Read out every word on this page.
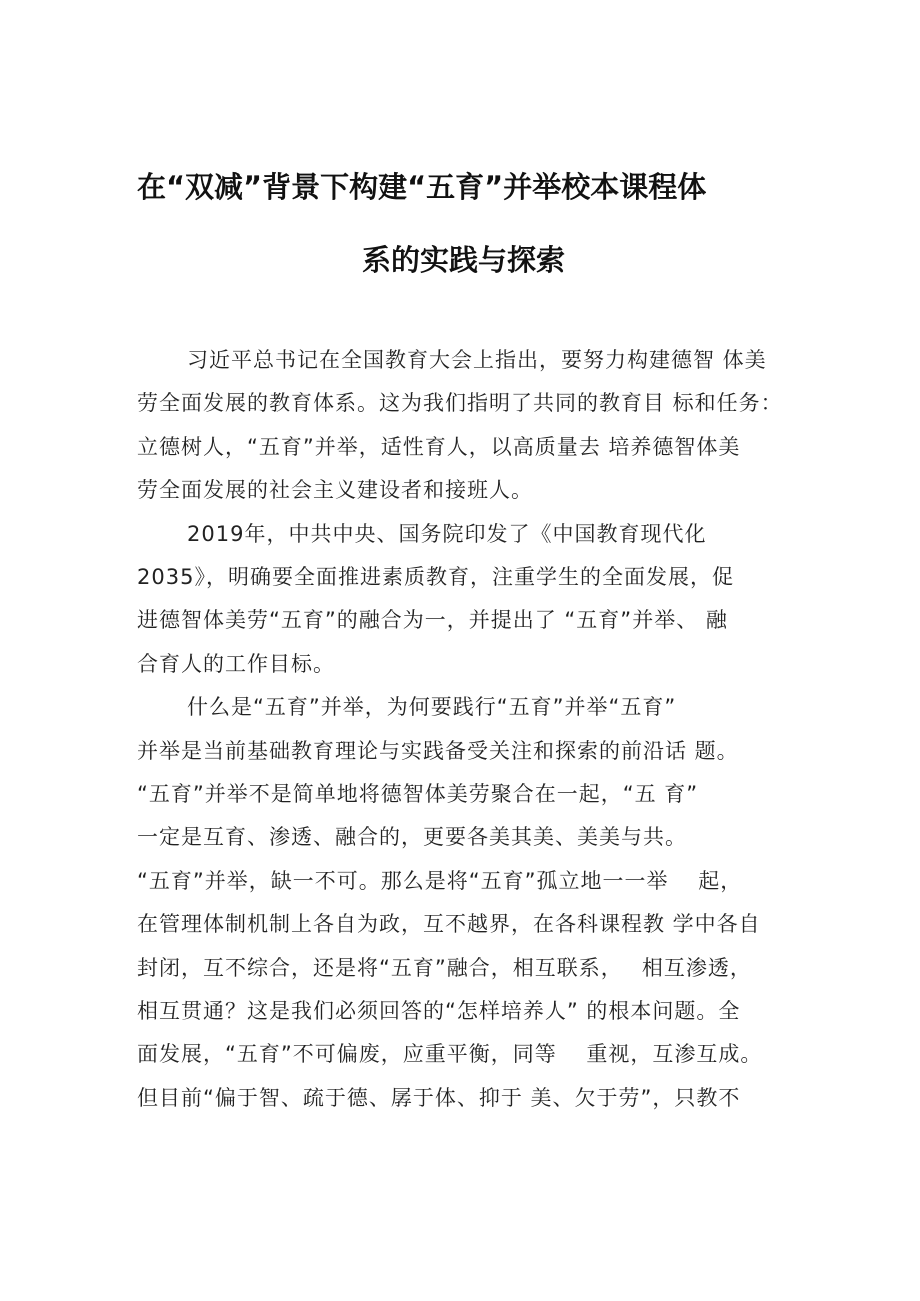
在“双减”背景下构建“五育”并举校本课程体
系的实践与探索
习近平总书记在全国教育大会上指出，要努力构建德智 体美
劳全面发展的教育体系。这为我们指明了共同的教育目 标和任务：
立德树人，“五育”并举，适性育人，以高质量去 培养德智体美
劳全面发展的社会主义建设者和接班人。
2019年，中共中央、国务院印发了《中国教育现代化
2035》，明确要全面推进素质教育，注重学生的全面发展，促
进德智体美劳“五育”的融合为一，并提出了 “五育”并举、 融
合育人的工作目标。
什么是“五育”并举，为何要践行“五育”并举“五育”
并举是当前基础教育理论与实践备受关注和探索的前沿话 题。
“五育”并举不是简单地将德智体美劳聚合在一起，“五 育”
一定是互育、渗透、融合的，更要各美其美、美美与共。
“五育”并举，缺一不可。那么是将“五育”孤立地一一举　 起，
在管理体制机制上各自为政，互不越界，在各科课程教 学中各自
封闭，互不综合，还是将“五育”融合，相互联系，　 相互渗透，
相互贯通？这是我们必须回答的“怎样培养人” 的根本问题。全
面发展，“五育”不可偏废，应重平衡，同等　 重视，互渗互成。
但目前“偏于智、疏于德、孱于体、抑于 美、欠于劳”，只教不
